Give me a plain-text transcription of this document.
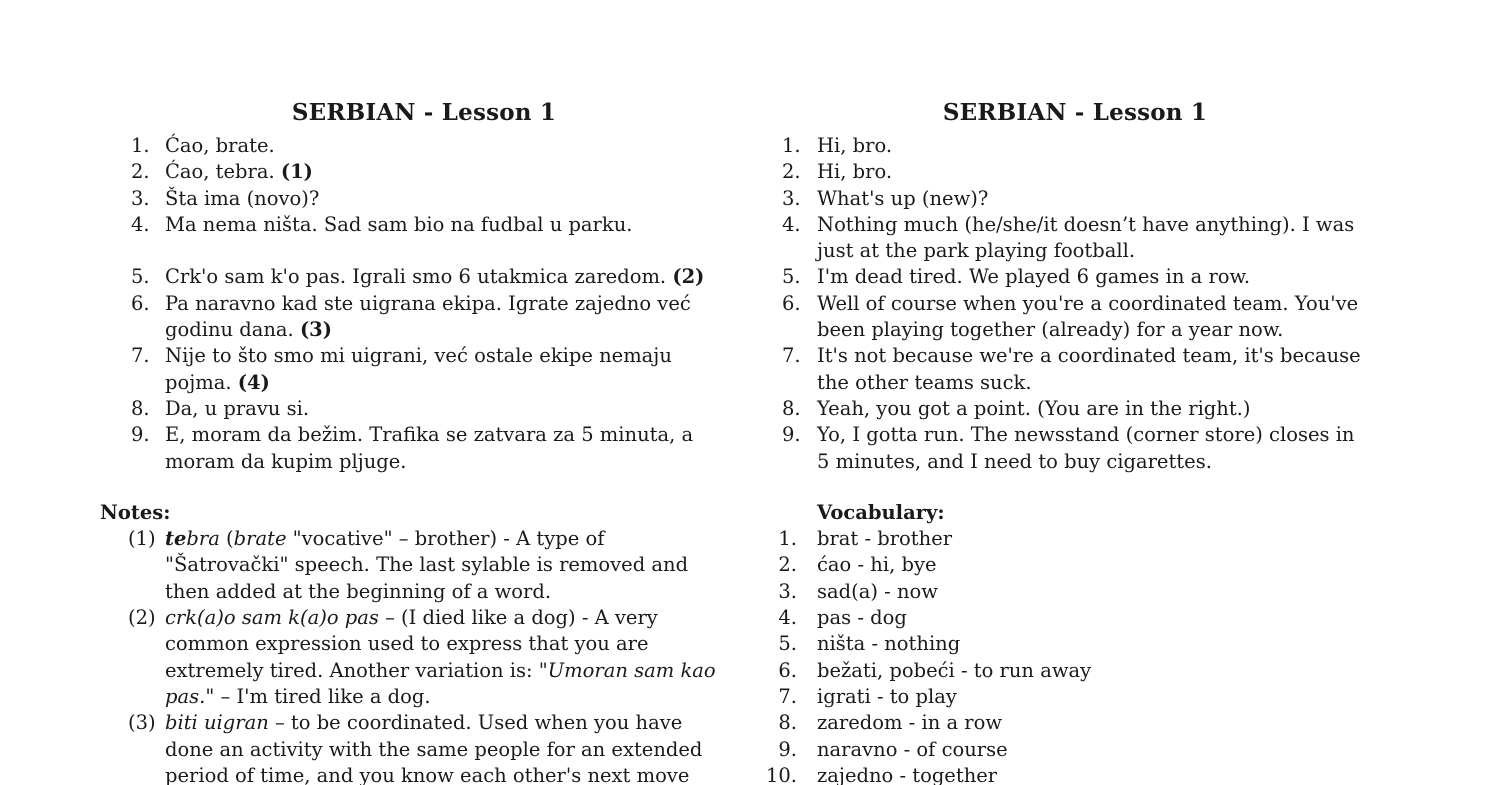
SERBIAN - Lesson 1
1. Ćao, brate.
2. Ćao, tebra. (1)
3. Šta ima (novo)?
4. Ma nema ništa. Sad sam bio na fudbal u parku.
5. Crk'o sam k'o pas. Igrali smo 6 utakmica zaredom. (2)
6. Pa naravno kad ste uigrana ekipa. Igrate zajedno već
godinu dana. (3)
7. Nije to što smo mi uigrani, već ostale ekipe nemaju
pojma. (4)
8. Da, u pravu si.
9. E, moram da bežim. Trafika se zatvara za 5 minuta, a
moram da kupim pljuge.
Notes:
(1) tebra (brate "vocative" – brother) - A type of
"Šatrovački" speech. The last sylable is removed and
then added at the beginning of a word.
(2) crk(a)o sam k(a)o pas – (I died like a dog) - A very
common expression used to express that you are
extremely tired. Another variation is: "Umoran sam kao
pas." – I'm tired like a dog.
(3) biti uigran – to be coordinated. Used when you have
done an activity with the same people for an extended
period of time, and you know each other's next move
SERBIAN - Lesson 1
1. Hi, bro.
2. Hi, bro.
3. What's up (new)?
4. Nothing much (he/she/it doesn’t have anything). I was
just at the park playing football.
5. I'm dead tired. We played 6 games in a row.
6. Well of course when you're a coordinated team. You've
been playing together (already) for a year now.
7. It's not because we're a coordinated team, it's because
the other teams suck.
8. Yeah, you got a point. (You are in the right.)
9. Yo, I gotta run. The newsstand (corner store) closes in
5 minutes, and I need to buy cigarettes.
Vocabulary:
1. brat - brother
2. ćao - hi, bye
3. sad(a) - now
4. pas - dog
5. ništa - nothing
6. bežati, pobeći - to run away
7. igrati - to play
8. zaredom - in a row
9. naravno - of course
10. zajedno - together
